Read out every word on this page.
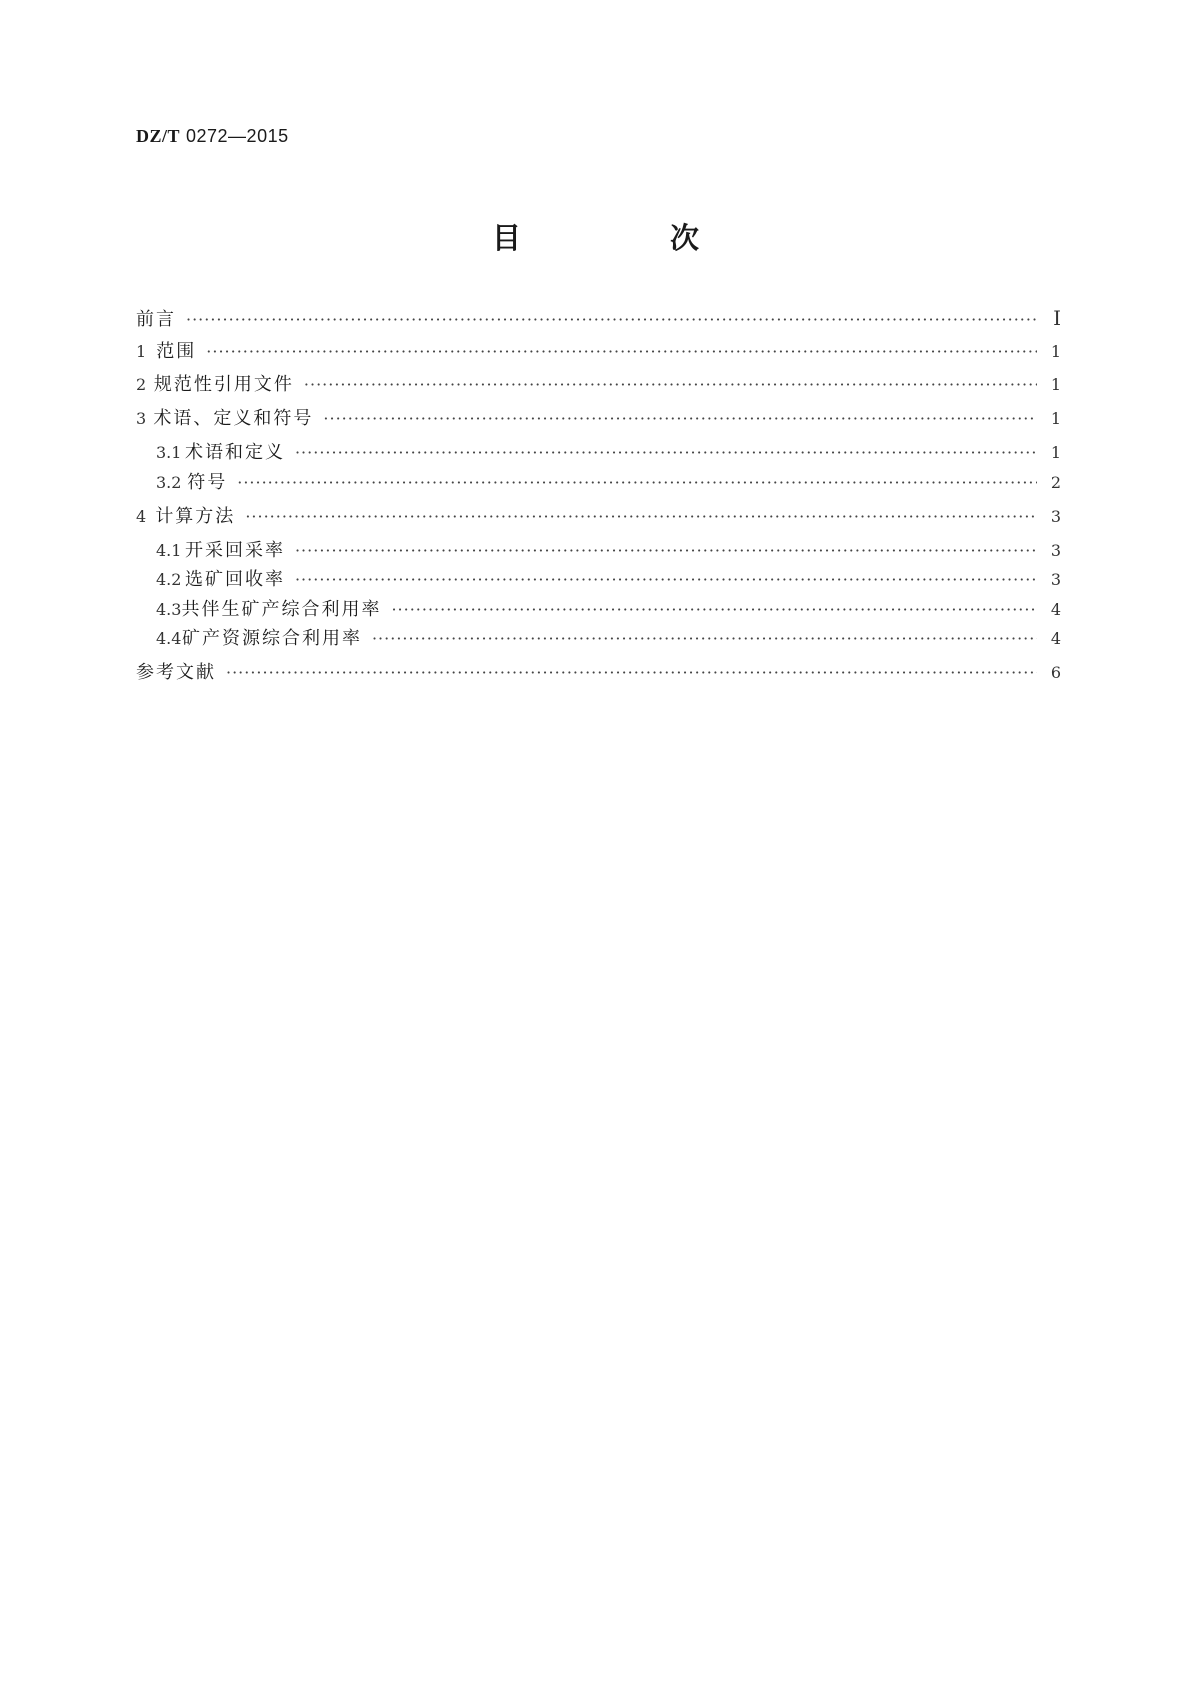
DZ/T 0272—2015
目　次
前言 ·····	Ⅰ
1 范围 ·····	1
2 规范性引用文件 ·····	1
3 术语、定义和符号 ·····	1
3.1 术语和定义 ·····	1
3.2 符号 ·····	2
4 计算方法 ·····	3
4.1 开采回采率 ·····	3
4.2 选矿回收率 ·····	3
4.3 共伴生矿产综合利用率 ·····	4
4.4 矿产资源综合利用率 ·····	4
参考文献 ·····	6
